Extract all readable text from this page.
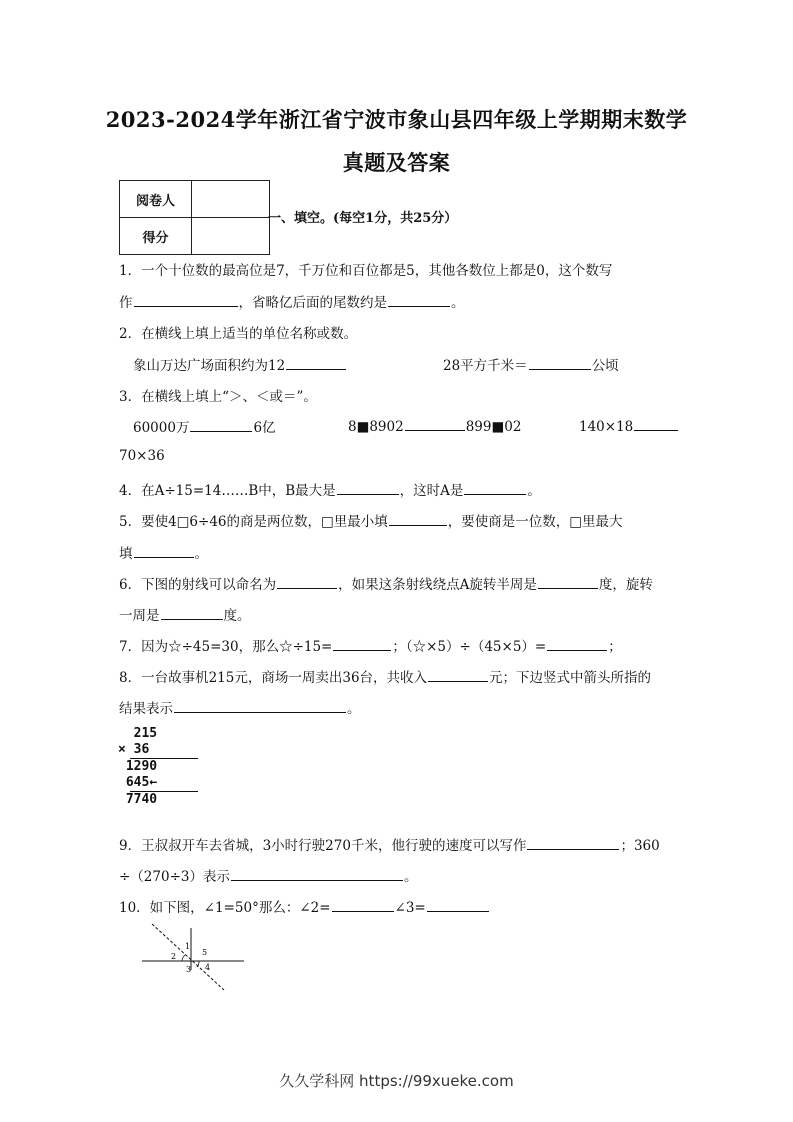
2023-2024学年浙江省宁波市象山县四年级上学期期末数学
真题及答案
阅卷人	
得分	
一、填空。(每空1分，共25分）
1．一个十位数的最高位是7，千万位和百位都是5，其他各数位上都是0，这个数写
作	，省略亿后面的尾数约是	。
2．在横线上填上适当的单位名称或数。
象山万达广场面积约为12	28平方千米＝	公顷
3．在横线上填上“＞、＜或＝”。
60000万	6亿	8■8902	899■02	140×18
70×36
4．在A÷15=14……B中，B最大是	，这时A是	。
5．要使4□6÷46的商是两位数，□里最小填	，要使商是一位数，□里最大
填	。
6．下图的射线可以命名为	，如果这条射线绕点A旋转半周是	度，旋转
一周是	度。
7．因为☆÷45=30，那么☆÷15=	；（☆×5）÷（45×5）=	；
8．一台故事机215元，商场一周卖出36台，共收入	元；下边竖式中箭头所指的
结果表示	。
215
× 36
1290
645←
7740
9．王叔叔开车去省城，3小时行驶270千米，他行驶的速度可以写作	；360
÷（270÷3）表示	。
10．如下图，∠1=50°那么：∠2=	∠3=
1
2
3 4
5
久久学科网 https://99xueke.com
